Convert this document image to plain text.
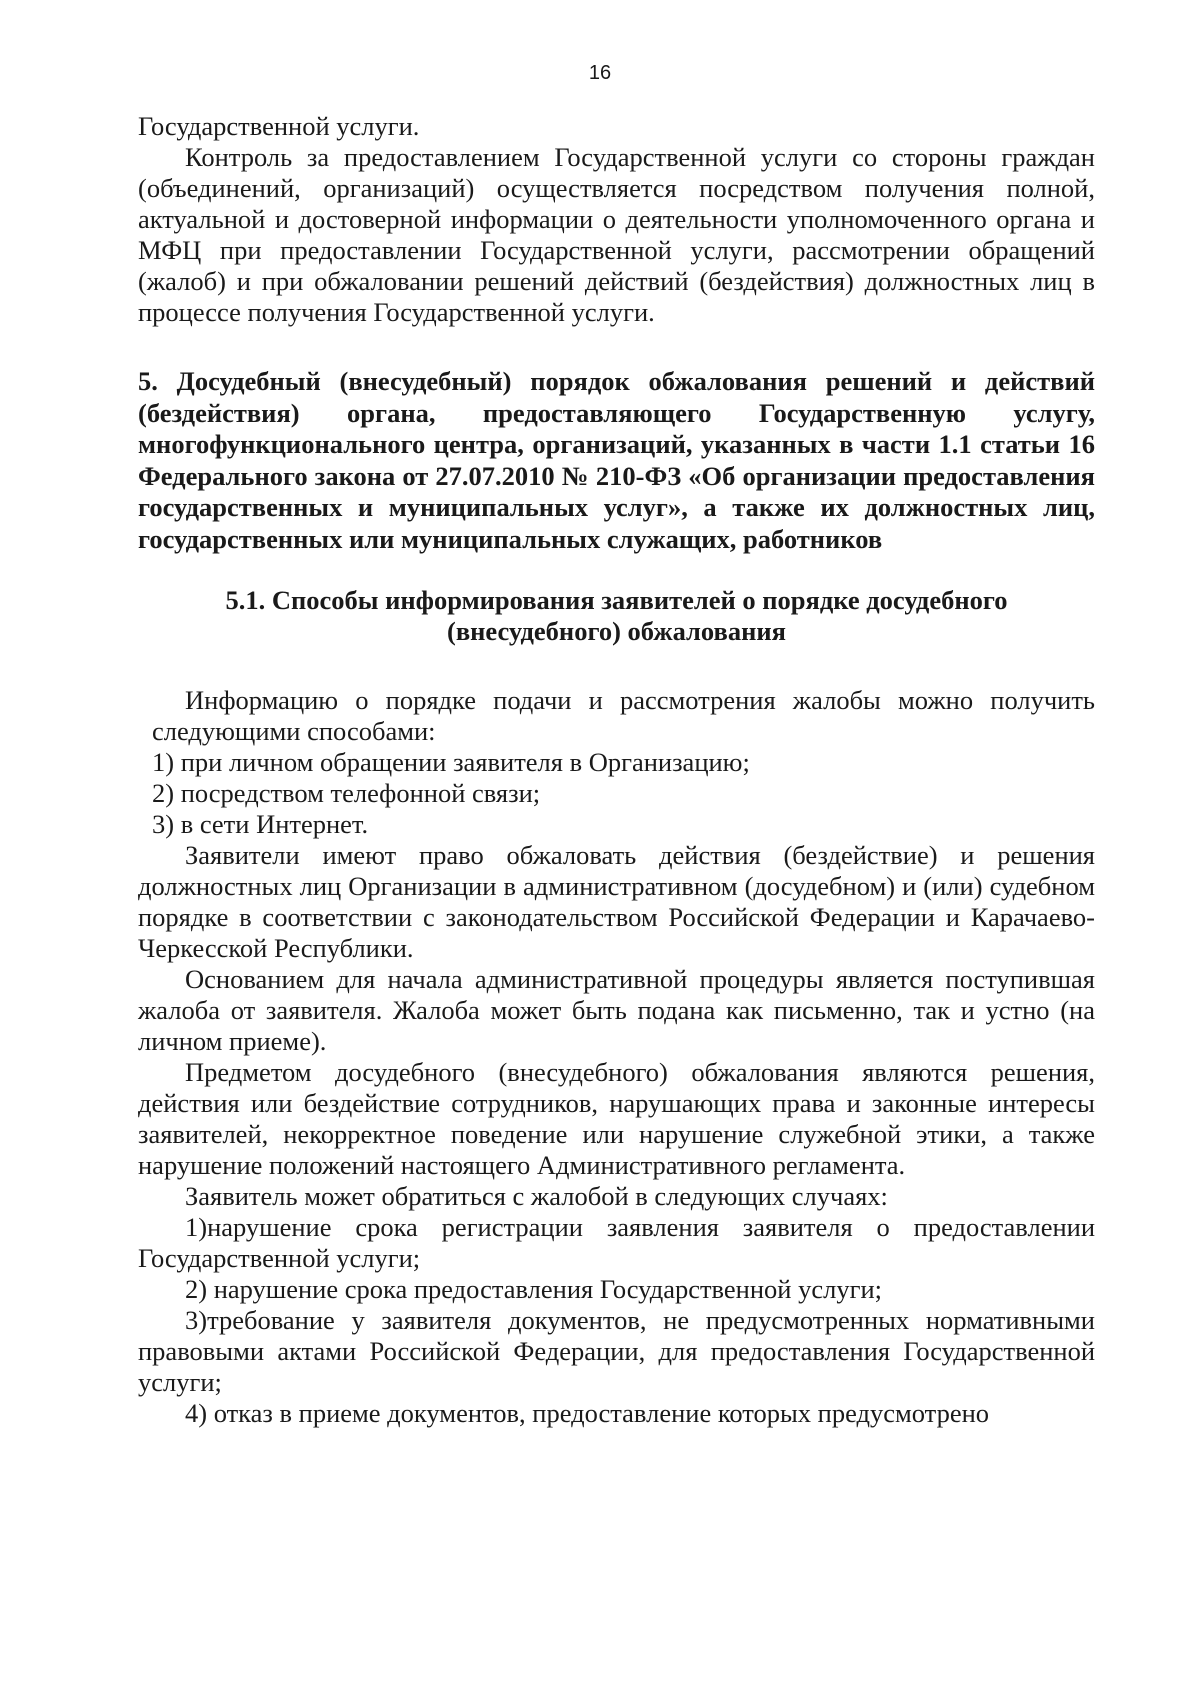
16

Государственной услуги.

Контроль за предоставлением Государственной услуги со стороны граждан (объединений, организаций) осуществляется посредством получения полной, актуальной и достоверной информации о деятельности уполномоченного органа и МФЦ при предоставлении Государственной услуги, рассмотрении обращений (жалоб) и при обжаловании решений действий (бездействия) должностных лиц в процессе получения Государственной услуги.

5. Досудебный (внесудебный) порядок обжалования решений и действий (бездействия) органа, предоставляющего Государственную услугу, многофункционального центра, организаций, указанных в части 1.1 статьи 16 Федерального закона от 27.07.2010 № 210-ФЗ «Об организации предоставления государственных и муниципальных услуг», а также их должностных лиц, государственных или муниципальных служащих, работников

5.1. Способы информирования заявителей о порядке досудебного (внесудебного) обжалования

Информацию о порядке подачи и рассмотрения жалобы можно получить следующими способами:

1) при личном обращении заявителя в Организацию;

2) посредством телефонной связи;

3) в сети Интернет.

Заявители имеют право обжаловать действия (бездействие) и решения должностных лиц Организации в административном (досудебном) и (или) судебном порядке в соответствии с законодательством Российской Федерации и Карачаево-Черкесской Республики.

Основанием для начала административной процедуры является поступившая жалоба от заявителя. Жалоба может быть подана как письменно, так и устно (на личном приеме).

Предметом досудебного (внесудебного) обжалования являются решения, действия или бездействие сотрудников, нарушающих права и законные интересы заявителей, некорректное поведение или нарушение служебной этики, а также нарушение положений настоящего Административного регламента.

Заявитель может обратиться с жалобой в следующих случаях:

1)нарушение срока регистрации заявления заявителя о предоставлении Государственной услуги;

2) нарушение срока предоставления Государственной услуги;

3)требование у заявителя документов, не предусмотренных нормативными правовыми актами Российской Федерации, для предоставления Государственной услуги;

4) отказ в приеме документов, предоставление которых предусмотрено
